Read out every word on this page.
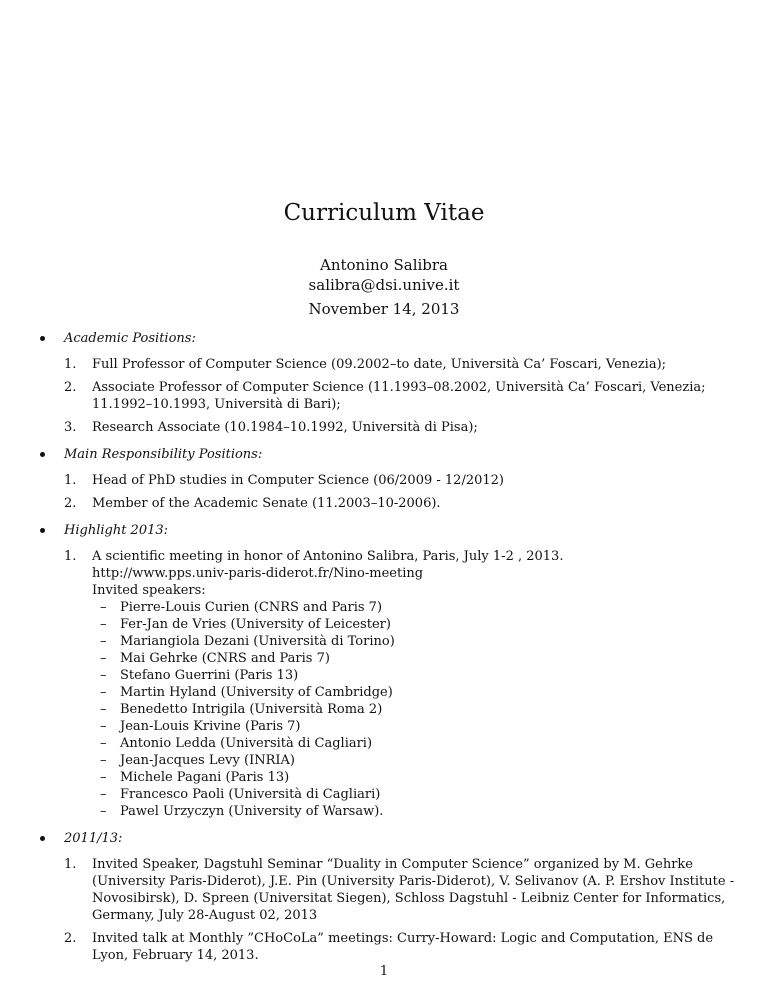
Curriculum Vitae
Antonino Salibra
salibra@dsi.unive.it
November 14, 2013
Academic Positions:
1. Full Professor of Computer Science (09.2002–to date, Università Ca’ Foscari, Venezia);
2. Associate Professor of Computer Science (11.1993–08.2002, Università Ca’ Foscari, Venezia; 11.1992–10.1993, Università di Bari);
3. Research Associate (10.1984–10.1992, Università di Pisa);
Main Responsibility Positions:
1. Head of PhD studies in Computer Science (06/2009 - 12/2012)
2. Member of the Academic Senate (11.2003–10-2006).
Highlight 2013:
1. A scientific meeting in honor of Antonino Salibra, Paris, July 1-2 , 2013.
http://www.pps.univ-paris-diderot.fr/Nino-meeting
Invited speakers:
– Pierre-Louis Curien (CNRS and Paris 7)
– Fer-Jan de Vries (University of Leicester)
– Mariangiola Dezani (Università di Torino)
– Mai Gehrke (CNRS and Paris 7)
– Stefano Guerrini (Paris 13)
– Martin Hyland (University of Cambridge)
– Benedetto Intrigila (Università Roma 2)
– Jean-Louis Krivine (Paris 7)
– Antonio Ledda (Università di Cagliari)
– Jean-Jacques Levy (INRIA)
– Michele Pagani (Paris 13)
– Francesco Paoli (Università di Cagliari)
– Pawel Urzyczyn (University of Warsaw).
2011/13:
1. Invited Speaker, Dagstuhl Seminar “Duality in Computer Science” organized by M. Gehrke (University Paris-Diderot), J.E. Pin (University Paris-Diderot), V. Selivanov (A. P. Ershov Institute - Novosibirsk), D. Spreen (Universitat Siegen), Schloss Dagstuhl - Leibniz Center for Informatics, Germany, July 28-August 02, 2013
2. Invited talk at Monthly ”CHoCoLa” meetings: Curry-Howard: Logic and Computation, ENS de Lyon, February 14, 2013.
1
